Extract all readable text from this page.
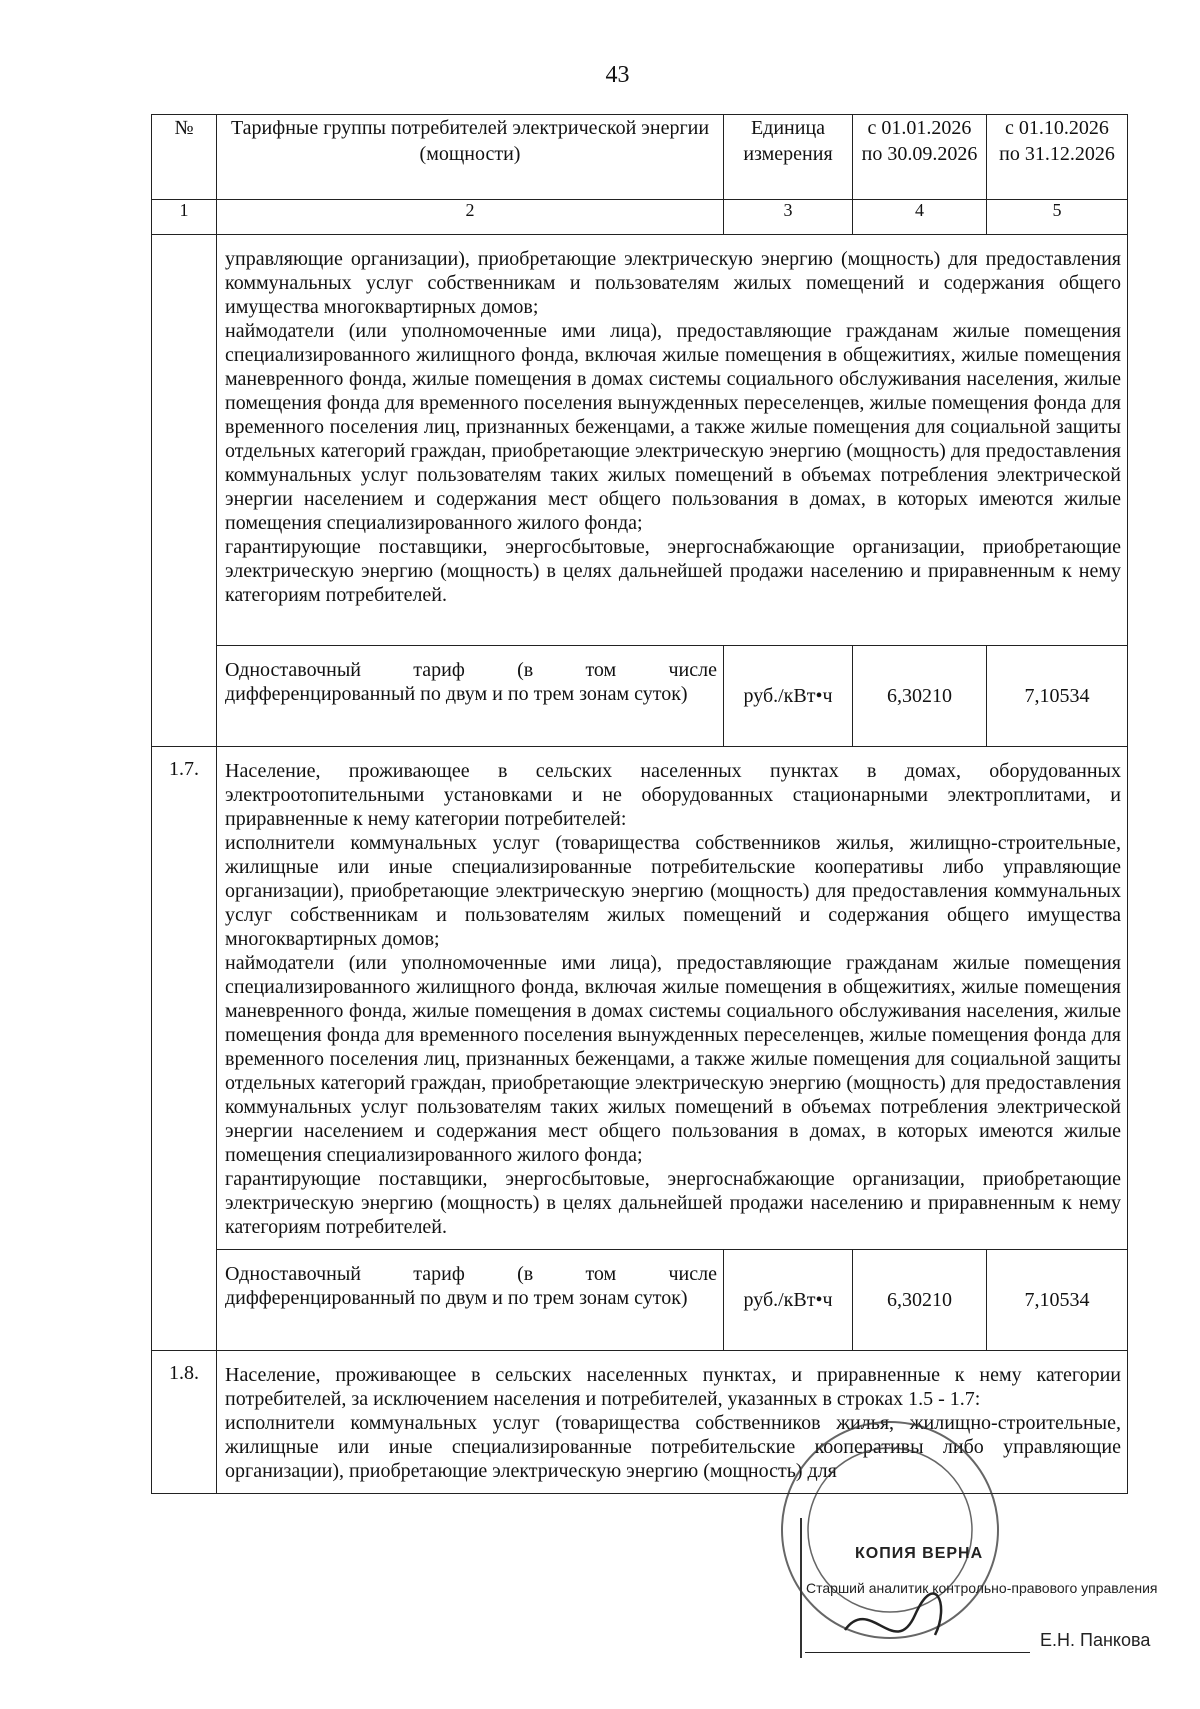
43
№	Тарифные группы потребителей электрической энергии (мощности)	Единица измерения	с 01.01.2026 по 30.09.2026	с 01.10.2026 по 31.12.2026
1	2	3	4	5

	управляющие организации), приобретающие электрическую энергию (мощность) для предоставления коммунальных услуг собственникам и пользователям жилых помещений и содержания общего имущества многоквартирных домов;

наймодатели (или уполномоченные ими лица), предоставляющие гражданам жилые помещения специализированного жилищного фонда, включая жилые помещения в общежитиях, жилые помещения маневренного фонда, жилые помещения в домах системы социального обслуживания населения, жилые помещения фонда для временного поселения вынужденных переселенцев, жилые помещения фонда для временного поселения лиц, признанных беженцами, а также жилые помещения для социальной защиты отдельных категорий граждан, приобретающие электрическую энергию (мощность) для предоставления коммунальных услуг пользователям таких жилых помещений в объемах потребления электрической энергии населением и содержания мест общего пользования в домах, в которых имеются жилые помещения специализированного жилого фонда;

гарантирующие поставщики, энергосбытовые, энергоснабжающие организации, приобретающие электрическую энергию (мощность) в целях дальнейшей продажи населению и приравненным к нему категориям потребителей.			

	Одноставочный тариф (в том числе дифференцированный по двум и по трем зонам суток)	руб./кВт•ч	6,30210	7,10534
1.7.	Население, проживающее в сельских населенных пунктах в домах, оборудованных электроотопительными установками и не оборудованных стационарными электроплитами, и приравненные к нему категории потребителей:

исполнители коммунальных услуг (товарищества собственников жилья, жилищно-строительные, жилищные или иные специализированные потребительские кооперативы либо управляющие организации), приобретающие электрическую энергию (мощность) для предоставления коммунальных услуг собственникам и пользователям жилых помещений и содержания общего имущества многоквартирных домов;

наймодатели (или уполномоченные ими лица), предоставляющие гражданам жилые помещения специализированного жилищного фонда, включая жилые помещения в общежитиях, жилые помещения маневренного фонда, жилые помещения в домах системы социального обслуживания населения, жилые помещения фонда для временного поселения вынужденных переселенцев, жилые помещения фонда для временного поселения лиц, признанных беженцами, а также жилые помещения для социальной защиты отдельных категорий граждан, приобретающие электрическую энергию (мощность) для предоставления коммунальных услуг пользователям таких жилых помещений в объемах потребления электрической энергии населением и содержания мест общего пользования в домах, в которых имеются жилые помещения специализированного жилого фонда;

гарантирующие поставщики, энергосбытовые, энергоснабжающие организации, приобретающие электрическую энергию (мощность) в целях дальнейшей продажи населению и приравненным к нему категориям потребителей.			

	Одноставочный тариф (в том числе дифференцированный по двум и по трем зонам суток)	руб./кВт•ч	6,30210	7,10534
1.8.	Население, проживающее в сельских населенных пунктах, и приравненные к нему категории потребителей, за исключением населения и потребителей, указанных в строках 1.5 - 1.7:

исполнители коммунальных услуг (товарищества собственников жилья, жилищно-строительные, жилищные или иные специализированные потребительские кооперативы либо управляющие организации), приобретающие электрическую энергию (мощность) для			

КОПИЯ ВЕРНА
Старший аналитик контрольно-правового управления
Е.Н. Панкова
